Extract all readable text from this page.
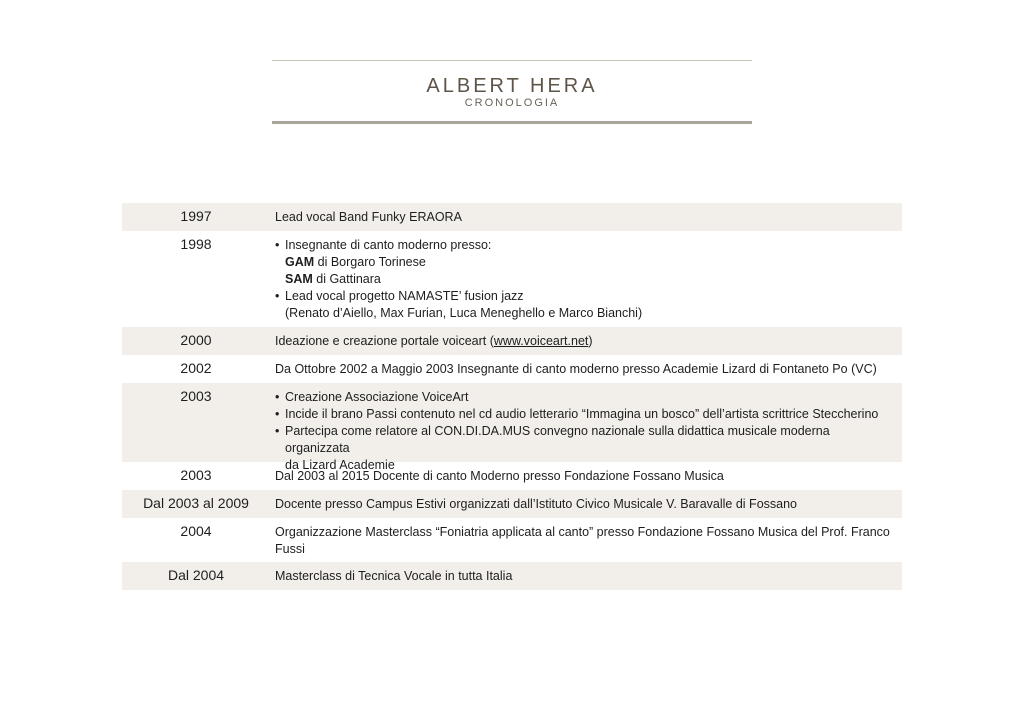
ALBERT HERA
CRONOLOGIA
1997	Lead vocal Band Funky ERAORA
1998	• Insegnante di canto moderno presso:
GAM di Borgaro Torinese
SAM di Gattinara
• Lead vocal progetto NAMASTE’ fusion jazz
(Renato d’Aiello, Max Furian, Luca Meneghello e Marco Bianchi)
2000	Ideazione e creazione portale voiceart (www.voiceart.net)
2002	Da Ottobre 2002 a Maggio 2003 Insegnante di canto moderno presso Academie Lizard di Fontaneto Po (VC)
2003	• Creazione Associazione VoiceArt
• Incide il brano Passi contenuto nel cd audio letterario “Immagina un bosco” dell’artista scrittrice Steccherino
• Partecipa come relatore al CON.DI.DA.MUS convegno nazionale sulla didattica musicale moderna organizzata
da Lizard Academie
2003	Dal 2003 al 2015 Docente di canto Moderno presso Fondazione Fossano Musica
Dal 2003 al 2009	Docente presso Campus Estivi organizzati dall’Istituto Civico Musicale V. Baravalle di Fossano
2004	Organizzazione Masterclass “Foniatria applicata al canto” presso Fondazione Fossano Musica del Prof. Franco Fussi
Dal 2004	Masterclass di Tecnica Vocale in tutta Italia
